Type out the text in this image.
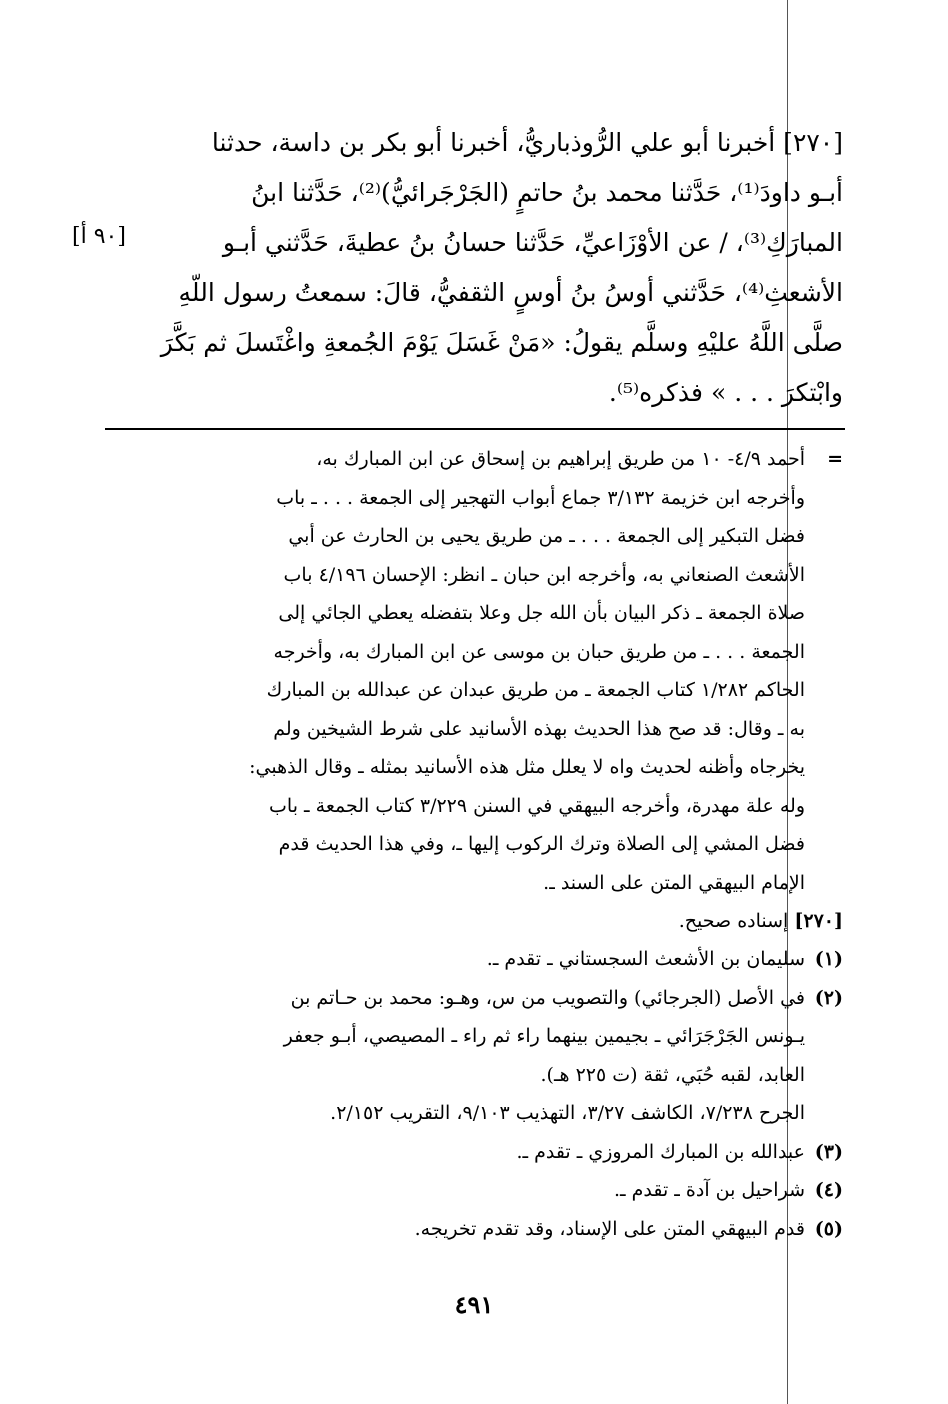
[٢٧٠] أخبرنا أبو علي الرُّوذباريُّ، أخبرنا أبو بكر بن داسة، حدثنا

أبـو داودَ⁽¹⁾، حَدَّثنا محمد بنُ حاتمٍ (الجَرْجَرائيُّ)⁽²⁾، حَدَّثنا ابنُ

المبارَكِ⁽³⁾، / عن الأوْزَاعيِّ، حَدَّثنا حسانُ بنُ عطيةَ، حَدَّثني أبـو

الأشعثِ⁽⁴⁾، حَدَّثني أوسُ بنُ أوسٍ الثقفيُّ، قالَ: سمعتُ رسول اللّهِ

صلَّى اللَّهُ عليْهِ وسلَّم يقولُ: «مَنْ غَسَلَ يَوْمَ الجُمعةِ واغْتَسلَ ثم بَكَّرَ

وابْتكرَ . . . » فذكره⁽⁵⁾.

[٩٠ أ]
=
أحمد ٤/٩- ١٠ من طريق إبراهيم بن إسحاق عن ابن المبارك به،
وأخرجه ابن خزيمة ٣/١٣٢ جماع أبواب التهجير إلى الجمعة . . . ـ باب
فضل التبكير إلى الجمعة . . . ـ من طريق يحيى بن الحارث عن أبي
الأشعث الصنعاني به، وأخرجه ابن حبان ـ انظر: الإحسان ٤/١٩٦ باب
صلاة الجمعة ـ ذكر البيان بأن الله جل وعلا بتفضله يعطي الجائي إلى
الجمعة . . . ـ من طريق حبان بن موسى عن ابن المبارك به، وأخرجه
الحاكم ١/٢٨٢ كتاب الجمعة ـ من طريق عبدان عن عبدالله بن المبارك
به ـ وقال: قد صح هذا الحديث بهذه الأسانيد على شرط الشيخين ولم
يخرجاه وأظنه لحديث واه لا يعلل مثل هذه الأسانيد بمثله ـ وقال الذهبي:
وله علة مهدرة، وأخرجه البيهقي في السنن ٣/٢٢٩ كتاب الجمعة ـ باب
فضل المشي إلى الصلاة وترك الركوب إليها ـ، وفي هذا الحديث قدم
الإمام البيهقي المتن على السند ـ.

[٢٧٠] إسناده صحيح.

(١)
سليمان بن الأشعث السجستاني ـ تقدم ـ.
(٢)
في الأصل (الجرجائي) والتصويب من س، وهـو: محمد بن حـاتم بن
يـونس الجَرْجَرَائي ـ بجيمين بينهما راء ثم راء ـ المصيصي، أبـو جعفر
العابد، لقبه حُبَي، ثقة (ت ٢٢٥ هـ).
الجرح ٧/٢٣٨، الكاشف ٣/٢٧، التهذيب ٩/١٠٣، التقريب ٢/١٥٢.
(٣)
عبدالله بن المبارك المروزي ـ تقدم ـ.
(٤)
شراحيل بن آدة ـ تقدم ـ.
(٥)
قدم البيهقي المتن على الإسناد، وقد تقدم تخريجه.
٤٩١
